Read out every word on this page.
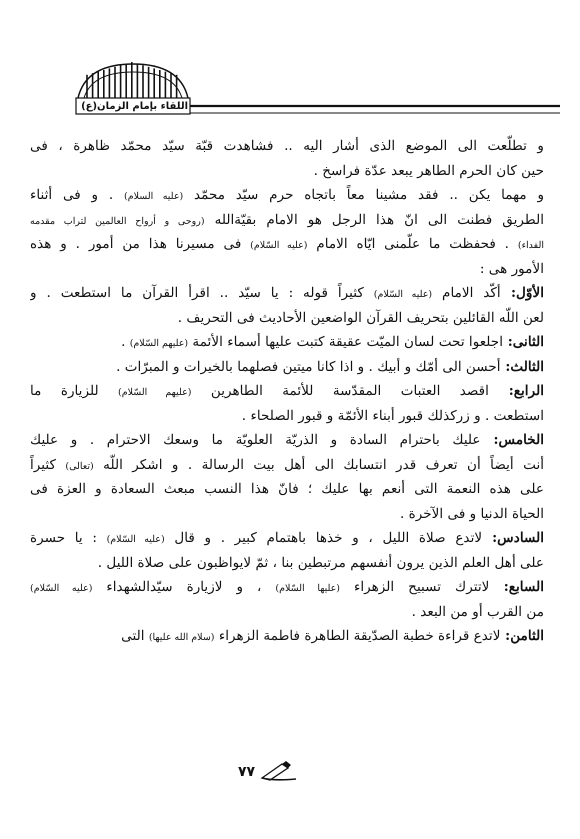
اللقاء بإمام الزمان(ع)
و تطلّعت الى الموضع الذى أشار اليه .. فشاهدت قبّة سيّد محمّد ظاهرة ، فى
حين كان الحرم الطاهر يبعد عدّة فراسخ .
و مهما يكن .. فقد مشينا معاً باتجاه حرم سيّد محمّد (عليه السلام) . و فى أثناء
الطريق فطنت الى انّ هذا الرجل هو الامام بقيّةالله (روحى و أرواح العالمين لتراب مقدمه
الفداء) . فحفظت ما علّمنى ايّاه الامام (عليه السّلام) فى مسيرنا هذا من أمور . و هذه
الأمور هى :
الأوّل: أكّد الامام (عليه السّلام) كثيراً قوله : يا سيّد .. اقرأ القرآن ما استطعت . و
لعن اللّه القائلين بتحريف القرآن الواضعين الأحاديث فى التحريف .
الثانى: اجلعوا تحت لسان الميّت عقيقة كتبت عليها أسماء الأئمة (عليهم السّلام) .
الثالث: أحسن الى أمّك و أبيك . و اذا كانا ميتين فصلهما بالخيرات و المبرّات .
الرابع: اقصد العتبات المقدّسة للأئمة الطاهرين (عليهم السّلام) للزيارة ما
استطعت . و زركذلك قبور أبناء الأئمّة و قبور الصلحاء .
الخامس: عليك باحترام السادة و الذريّة العلويّة ما وسعك الاحترام . و عليك
أنت أيضاً أن تعرف قدر انتسابك الى أهل بيت الرسالة . و اشكر اللّه (تعالى) كثيراً
على هذه النعمة التى أنعم بها عليك ؛ فانّ هذا النسب مبعث السعادة و العزة فى
الحياة الدنيا و فى الآخرة .
السادس: لاتدع صلاة الليل ، و خذها باهتمام كبير . و قال (عليه السّلام) : يا حسرة
على أهل العلم الذين يرون أنفسهم مرتبطين بنا ، ثمّ لايواظبون على صلاة الليل .
السابع: لاتترك تسبيح الزهراء (عليها السّلام) ، و لازيارة سيّدالشهداء (عليه السّلام)
من القرب أو من البعد .
الثامن: لاتدع قراءة خطبة الصدّيقة الطاهرة فاطمة الزهراء (سلام الله عليها) التى
٧٧
